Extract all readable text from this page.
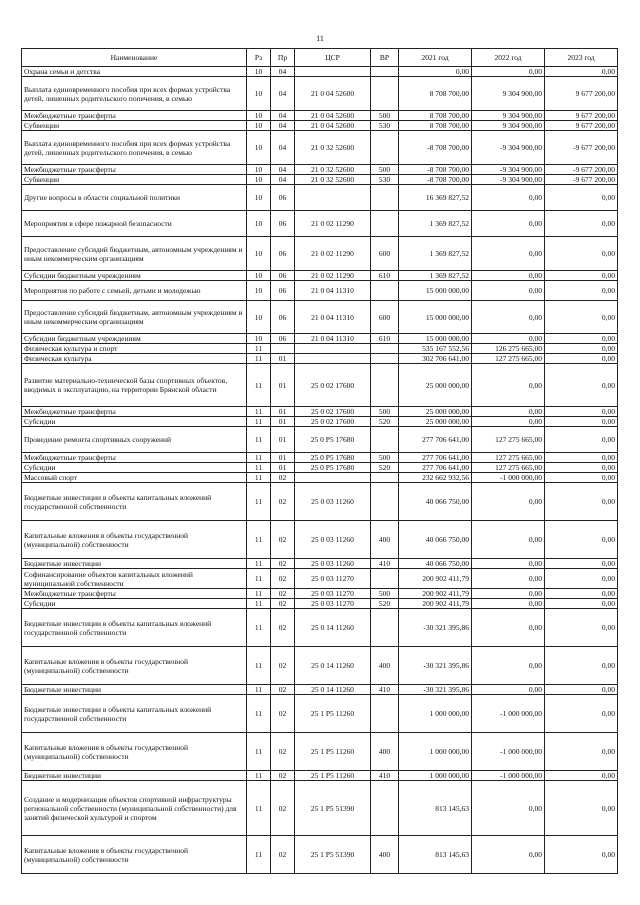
11
Наименование	Рз	Пр	ЦСР	ВР	2021 год	2022 год	2023 год
Охрана семьи и детства	10	04			0,00	0,00	0,00
Выплата единовременного пособия при всех формах устройства детей, лишенных родительского попечения, в семью	10	04	21 0 04 52600		8 708 700,00	9 304 900,00	9 677 200,00
Межбюджетные трансферты	10	04	21 0 04 52600	500	8 708 700,00	9 304 900,00	9 677 200,00
Субвенции	10	04	21 0 04 52600	530	8 708 700,00	9 304 900,00	9 677 200,00
Выплата единовременного пособия при всех формах устройства детей, лишенных родительского попечения, в семью	10	04	21 0 32 52600		-8 708 700,00	-9 304 900,00	-9 677 200,00
Межбюджетные трансферты	10	04	21 0 32 52600	500	-8 708 700,00	-9 304 900,00	-9 677 200,00
Субвенции	10	04	21 0 32 52600	530	-8 708 700,00	-9 304 900,00	-9 677 200,00
Другие вопросы в области социальной политики	10	06			16 369 827,52	0,00	0,00
Мероприятия в сфере пожарной безопасности	10	06	21 0 02 11290		1 369 827,52	0,00	0,00
Предоставление субсидий бюджетным, автономным учреждениям и иным некоммерческим организациям	10	06	21 0 02 11290	600	1 369 827,52	0,00	0,00
Субсидии бюджетным учреждениям	10	06	21 0 02 11290	610	1 369 827,52	0,00	0,00
Мероприятия по работе с семьей, детьми и молодежью	10	06	21 0 04 11310		15 000 000,00	0,00	0,00
Предоставление субсидий бюджетным, автономным учреждениям и иным некоммерческим организациям	10	06	21 0 04 11310	600	15 000 000,00	0,00	0,00
Субсидии бюджетным учреждениям	10	06	21 0 04 11310	610	15 000 000,00	0,00	0,00
Физическая культура и спорт	11				535 167 552,56	126 275 665,00	0,00
Физическая культура	11	01			302 706 641,00	127 275 665,00	0,00
Развитие материально-технической базы спортивных объектов, вводимых в эксплуатацию, на территории Брянской области	11	01	25 0 02 17600		25 000 000,00	0,00	0,00
Межбюджетные трансферты	11	01	25 0 02 17600	500	25 000 000,00	0,00	0,00
Субсидии	11	01	25 0 02 17600	520	25 000 000,00	0,00	0,00
Проведение ремонта спортивных сооружений	11	01	25 0 P5 17680		277 706 641,00	127 275 665,00	0,00
Межбюджетные трансферты	11	01	25 0 P5 17680	500	277 706 641,00	127 275 665,00	0,00
Субсидии	11	01	25 0 P5 17680	520	277 706 641,00	127 275 665,00	0,00
Массовый спорт	11	02			232 662 932,56	-1 000 000,00	0,00
Бюджетные инвестиции в объекты капитальных вложений государственной собственности	11	02	25 0 03 11260		40 066 750,00	0,00	0,00
Капитальные вложения в объекты государственной (муниципальной) собственности	11	02	25 0 03 11260	400	40 066 750,00	0,00	0,00
Бюджетные инвестиции	11	02	25 0 03 11260	410	40 066 750,00	0,00	0,00
Софинансирование объектов капитальных вложений муниципальной собственности	11	02	25 0 03 11270		200 902 411,79	0,00	0,00
Межбюджетные трансферты	11	02	25 0 03 11270	500	200 902 411,79	0,00	0,00
Субсидии	11	02	25 0 03 11270	520	200 902 411,79	0,00	0,00
Бюджетные инвестиции в объекты капитальных вложений государственной собственности	11	02	25 0 14 11260		-30 321 395,86	0,00	0,00
Капитальные вложения в объекты государственной (муниципальной) собственности	11	02	25 0 14 11260	400	-30 321 395,86	0,00	0,00
Бюджетные инвестиции	11	02	25 0 14 11260	410	-30 321 395,86	0,00	0,00
Бюджетные инвестиции в объекты капитальных вложений государственной собственности	11	02	25 1 P5 11260		1 000 000,00	-1 000 000,00	0,00
Капитальные вложения в объекты государственной (муниципальной) собственности	11	02	25 1 P5 11260	400	1 000 000,00	-1 000 000,00	0,00
Бюджетные инвестиции	11	02	25 1 P5 11260	410	1 000 000,00	-1 000 000,00	0,00
Создание и модернизация объектов спортивной инфраструктуры региональной собственности (муниципальной собственности) для занятий физической культурой и спортом	11	02	25 1 P5 51390		813 145,63	0,00	0,00
Капитальные вложения в объекты государственной (муниципальной) собственности	11	02	25 1 P5 51390	400	813 145,63	0,00	0,00
